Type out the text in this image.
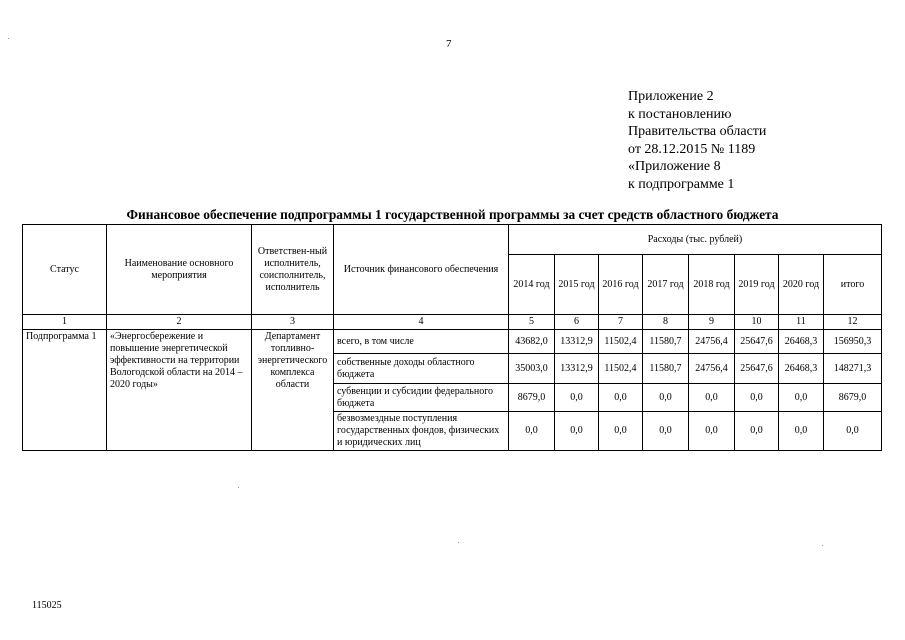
7
Приложение 2
к постановлению
Правительства области
от 28.12.2015 № 1189
«Приложение 8
к подпрограмме 1
Финансовое обеспечение подпрограммы 1 государственной программы за счет средств областного бюджета
Статус	Наименование основного мероприятия	Ответствен-ный исполнитель, соисполнитель, исполнитель	Источник финансового обеспечения	Расходы (тыс. рублей)							
				2014 год	2015 год	2016 год	2017 год	2018 год	2019 год	2020 год	итого
1	2	3	4	5	6	7	8	9	10	11	12
Подпрограмма 1	«Энергосбережение и повышение энергетической эффективности на территории Вологодской области на 2014 – 2020 годы»	Департамент топливно-энергетического комплекса области	всего, в том числе	43682,0	13312,9	11502,4	11580,7	24756,4	25647,6	26468,3	156950,3
			собственные доходы областного бюджета	35003,0	13312,9	11502,4	11580,7	24756,4	25647,6	26468,3	148271,3
			субвенции и субсидии федерального бюджета	8679,0	0,0	0,0	0,0	0,0	0,0	0,0	8679,0
			безвозмездные поступления государственных фондов, физических и юридических лиц	0,0	0,0	0,0	0,0	0,0	0,0	0,0	0,0
115025
